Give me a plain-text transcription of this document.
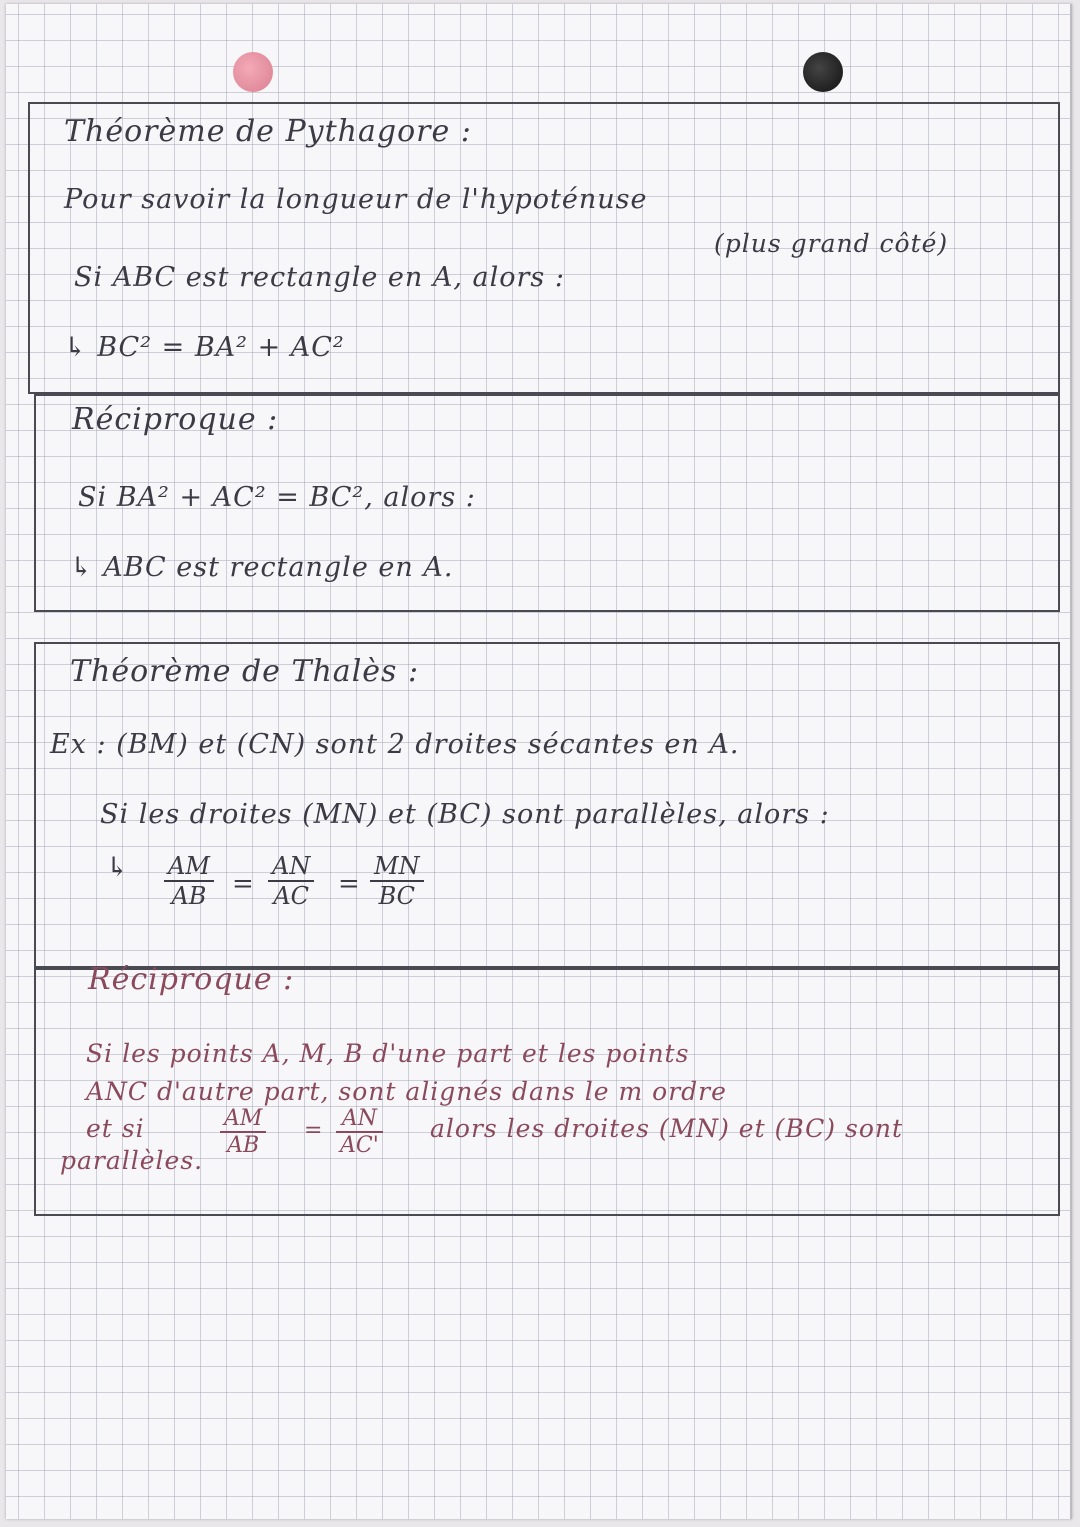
Théorème de Pythagore :
Pour savoir la longueur de l'hypoténuse
(plus grand côté)
Si ABC est rectangle en A, alors :
↳ BC² = BA² + AC²
Réciproque :
Si BA² + AC² = BC², alors :
↳ ABC est rectangle en A.
Théorème de Thalès :
Ex : (BM) et (CN) sont 2 droites sécantes en A.
Si les droites (MN) et (BC) sont parallèles, alors :
↳ $\frac{AM}{AB} = \frac{AN}{AC} = \frac{MN}{BC}$
Réciproque :
Si les points A, M, B d'une part et les points
ANC d'autre part, sont alignés dans le m ordre
et si	$\frac{AM}{AB} = \frac{AN}{AC'}$ alors les droites (MN) et (BC) sont
parallèles.
